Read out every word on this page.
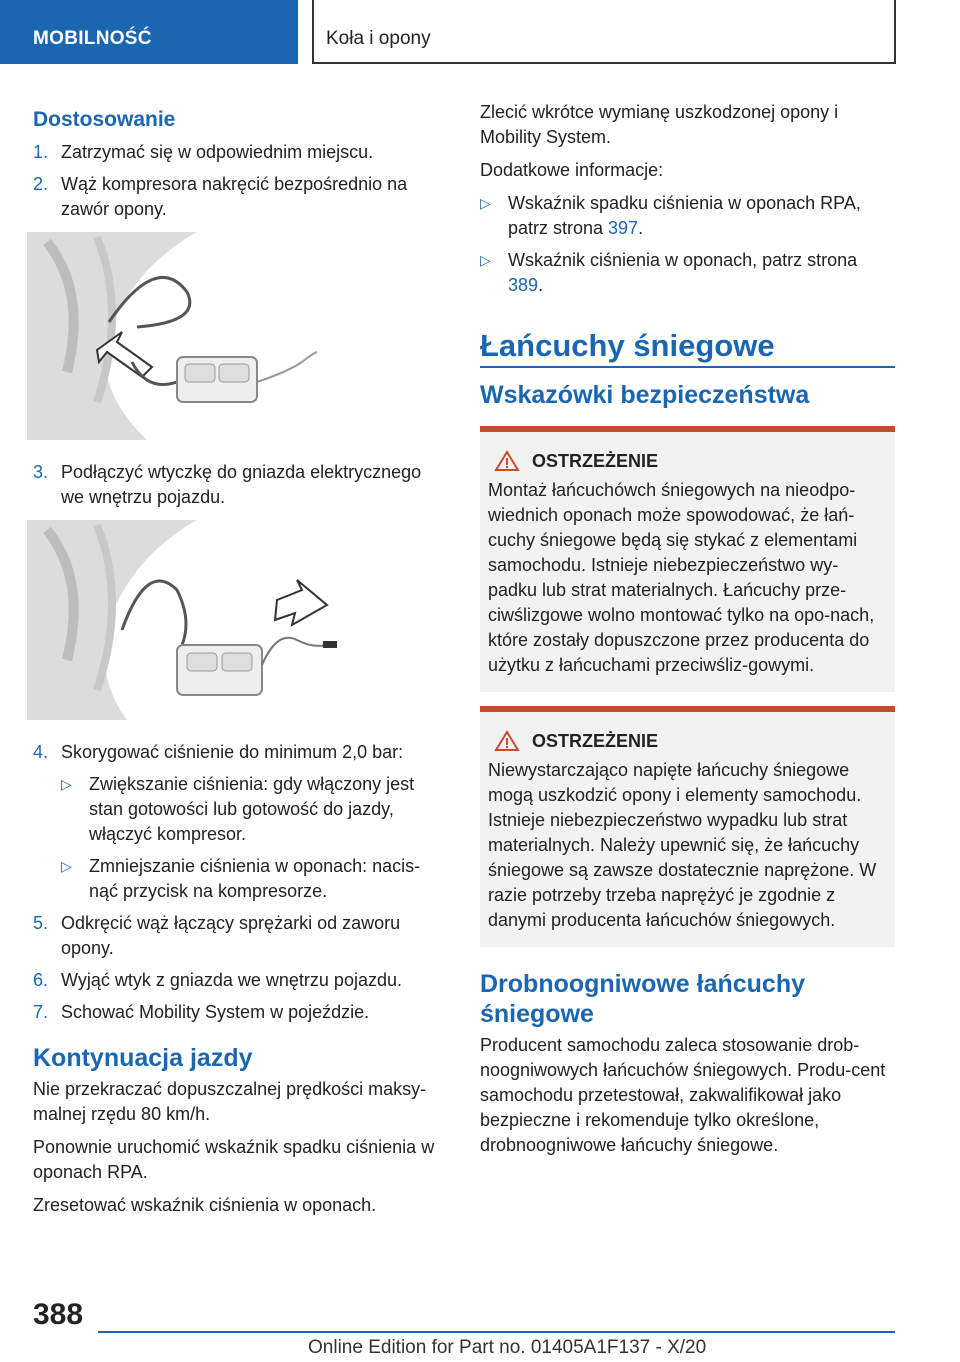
MOBILNOŚĆ	Koła i opony
Dostosowanie
1. Zatrzymać się w odpowiednim miejscu.
2. Wąż kompresora nakręcić bezpośrednio na zawór opony.
3. Podłączyć wtyczkę do gniazda elektrycznego we wnętrzu pojazdu.
4. Skorygować ciśnienie do minimum 2,0 bar:
▷ Zwiększanie ciśnienia: gdy włączony jest stan gotowości lub gotowość do jazdy, włączyć kompresor.
▷ Zmniejszanie ciśnienia w oponach: nacis‐nąć przycisk na kompresorze.
5. Odkręcić wąż łączący sprężarki od zaworu opony.
6. Wyjąć wtyk z gniazda we wnętrzu pojazdu.
7. Schować Mobility System w pojeździe.
Kontynuacja jazdy

Nie przekraczać dopuszczalnej prędkości maksy‐malnej rzędu 80 km/h.

Ponownie uruchomić wskaźnik spadku ciśnienia w oponach RPA.

Zresetować wskaźnik ciśnienia w oponach.

Zlecić wkrótce wymianę uszkodzonej opony i Mobility System.

Dodatkowe informacje:

▷ Wskaźnik spadku ciśnienia w oponach RPA, patrz strona 397.
▷ Wskaźnik ciśnienia w oponach, patrz strona 389.
Łańcuchy śniegowe
Wskazówki bezpieczeństwa
OSTRZEŻENIE

Montaż łańcuchówch śniegowych na nieodpo‐wiednich oponach może spowodować, że łań‐cuchy śniegowe będą się stykać z elementami samochodu. Istnieje niebezpieczeństwo wy‐padku lub strat materialnych. Łańcuchy prze‐ciwślizgowe wolno montować tylko na opo‐nach, które zostały dopuszczone przez producenta do użytku z łańcuchami przeciwśliz‐gowymi.

OSTRZEŻENIE

Niewystarczająco napięte łańcuchy śniegowe mogą uszkodzić opony i elementy samochodu. Istnieje niebezpieczeństwo wypadku lub strat materialnych. Należy upewnić się, że łańcuchy śniegowe są zawsze dostatecznie naprężone. W razie potrzeby trzeba naprężyć je zgodnie z danymi producenta łańcuchów śniegowych.

Drobnoogniwowe łańcuchy śniegowe

Producent samochodu zaleca stosowanie drob‐noogniwowych łańcuchów śniegowych. Produ‐cent samochodu przetestował, zakwalifikował jako bezpieczne i rekomenduje tylko określone, drobnoogniwowe łańcuchy śniegowe.

388
Online Edition for Part no. 01405A1F137 - X/20
